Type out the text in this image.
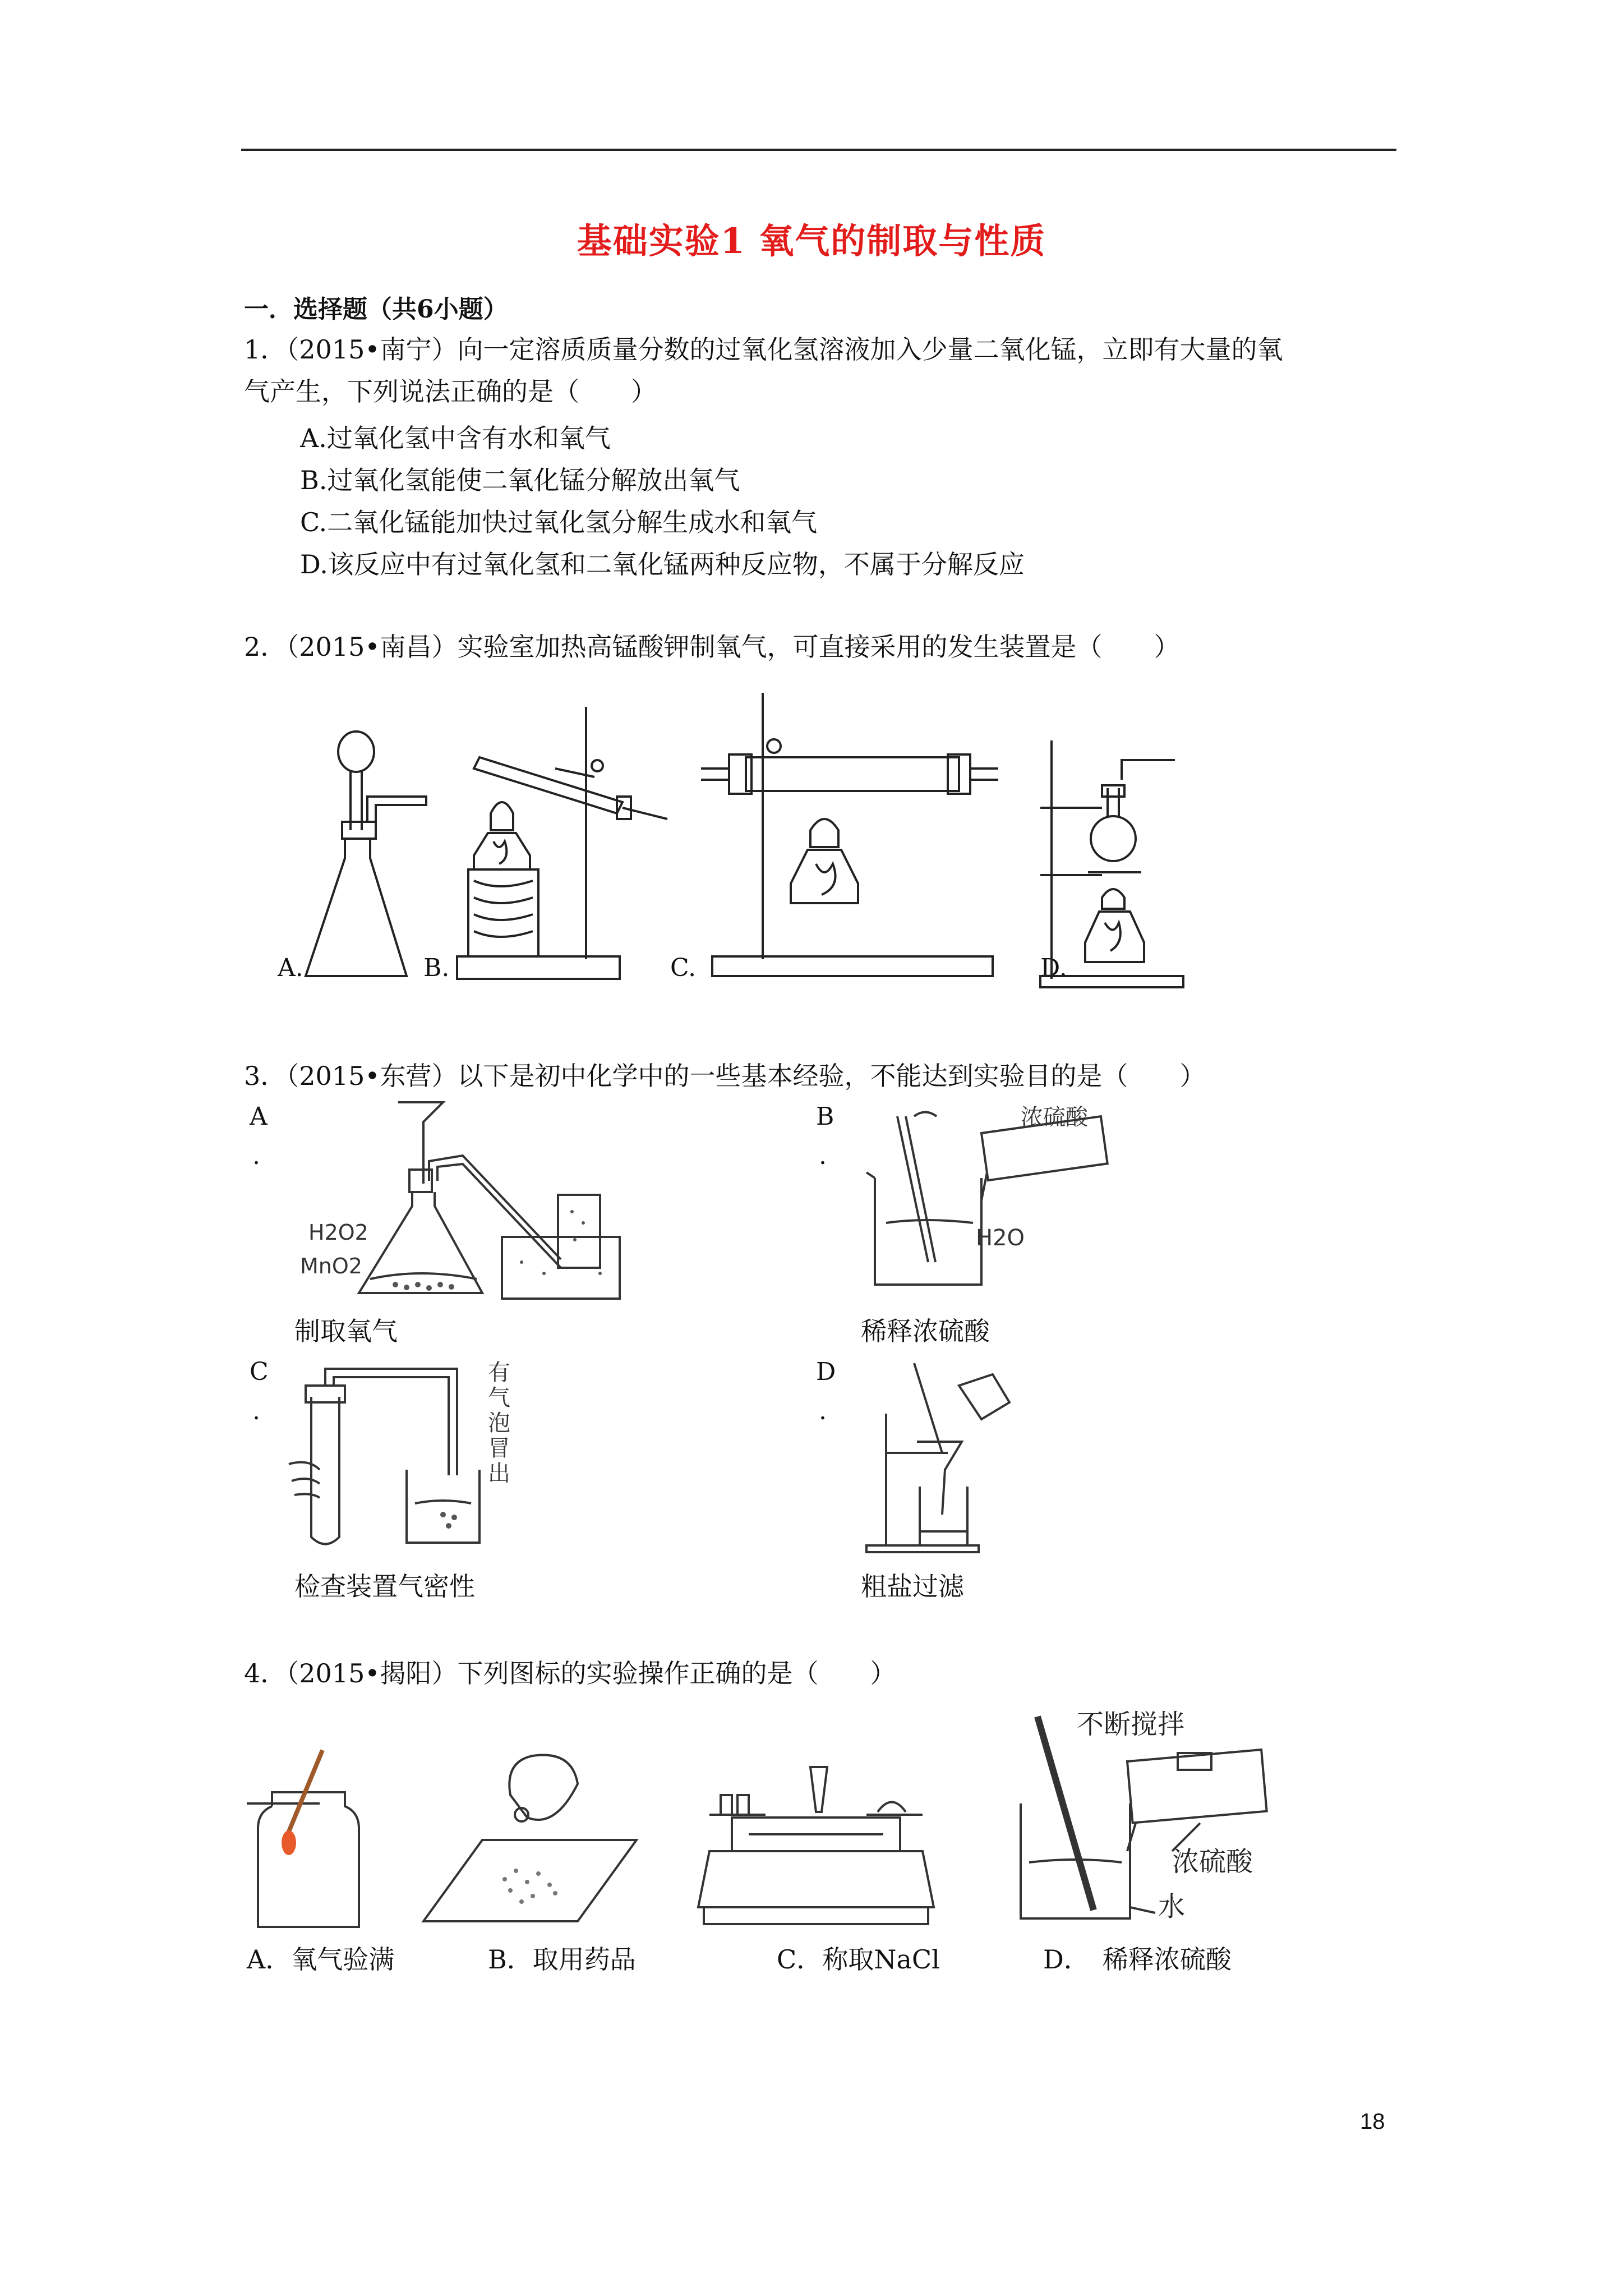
基础实验1 氧气的制取与性质
一．选择题（共6小题）
1．（2015•南宁）向一定溶质质量分数的过氧化氢溶液加入少量二氧化锰，立即有大量的氧
气产生，下列说法正确的是（　　）
A.过氧化氢中含有水和氧气
B.过氧化氢能使二氧化锰分解放出氧气
C.二氧化锰能加快过氧化氢分解生成水和氧气
D.该反应中有过氧化氢和二氧化锰两种反应物，不属于分解反应
2．（2015•南昌）实验室加热高锰酸钾制氧气，可直接采用的发生装置是（　　）
A.	B.	C.	D.
3．（2015•东营）以下是初中化学中的一些基本经验，不能达到实验目的是（　　）
A
.
B
.
C
.
D
.
制取氧气	稀释浓硫酸
检查装置气密性	粗盐过滤
H2O2
MnO2
浓硫酸
H2O
有
气
泡
冒
出
4．（2015•揭阳）下列图标的实验操作正确的是（　　）
A．氧气验满	B．取用药品	C．称取NaCl	D．　稀释浓硫酸
不断搅拌
浓硫酸
水
18
